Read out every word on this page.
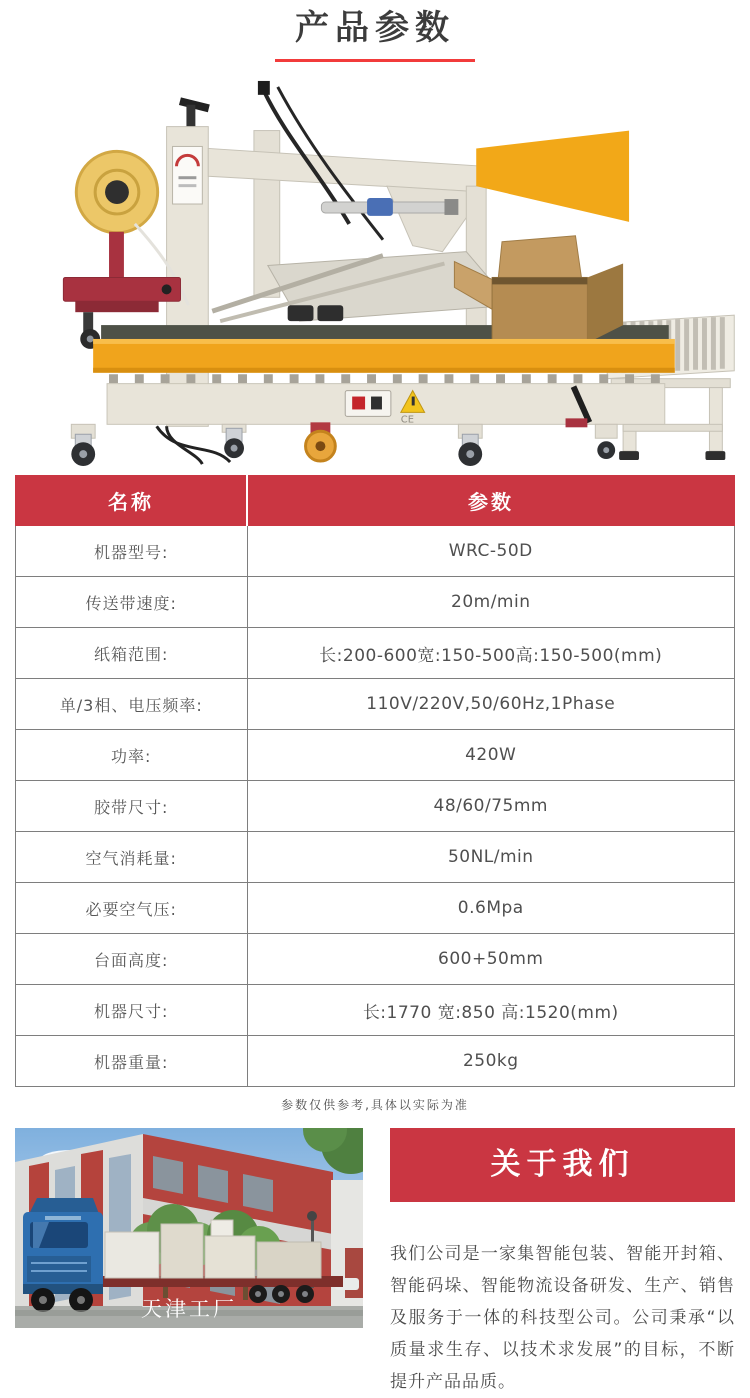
产品参数
CE
名称	参数
机器型号:	WRC-50D
传送带速度:	20m/min
纸箱范围:	长:200-600宽:150-500高:150-500(mm)
单/3相、电压频率:	110V/220V,50/60Hz,1Phase
功率:	420W
胶带尺寸:	48/60/75mm
空气消耗量:	50NL/min
必要空气压:	0.6Mpa
台面高度:	600+50mm
机器尺寸:	长:1770 宽:850 高:1520(mm)
机器重量:	250kg

参数仅供参考,具体以实际为准

天津工厂
关于我们

我们公司是一家集智能包装、智能开封箱、智能码垛、智能物流设备研发、生产、销售及服务于一体的科技型公司。公司秉承“以质量求生存、以技术求发展”的目标，不断提升产品品质。
